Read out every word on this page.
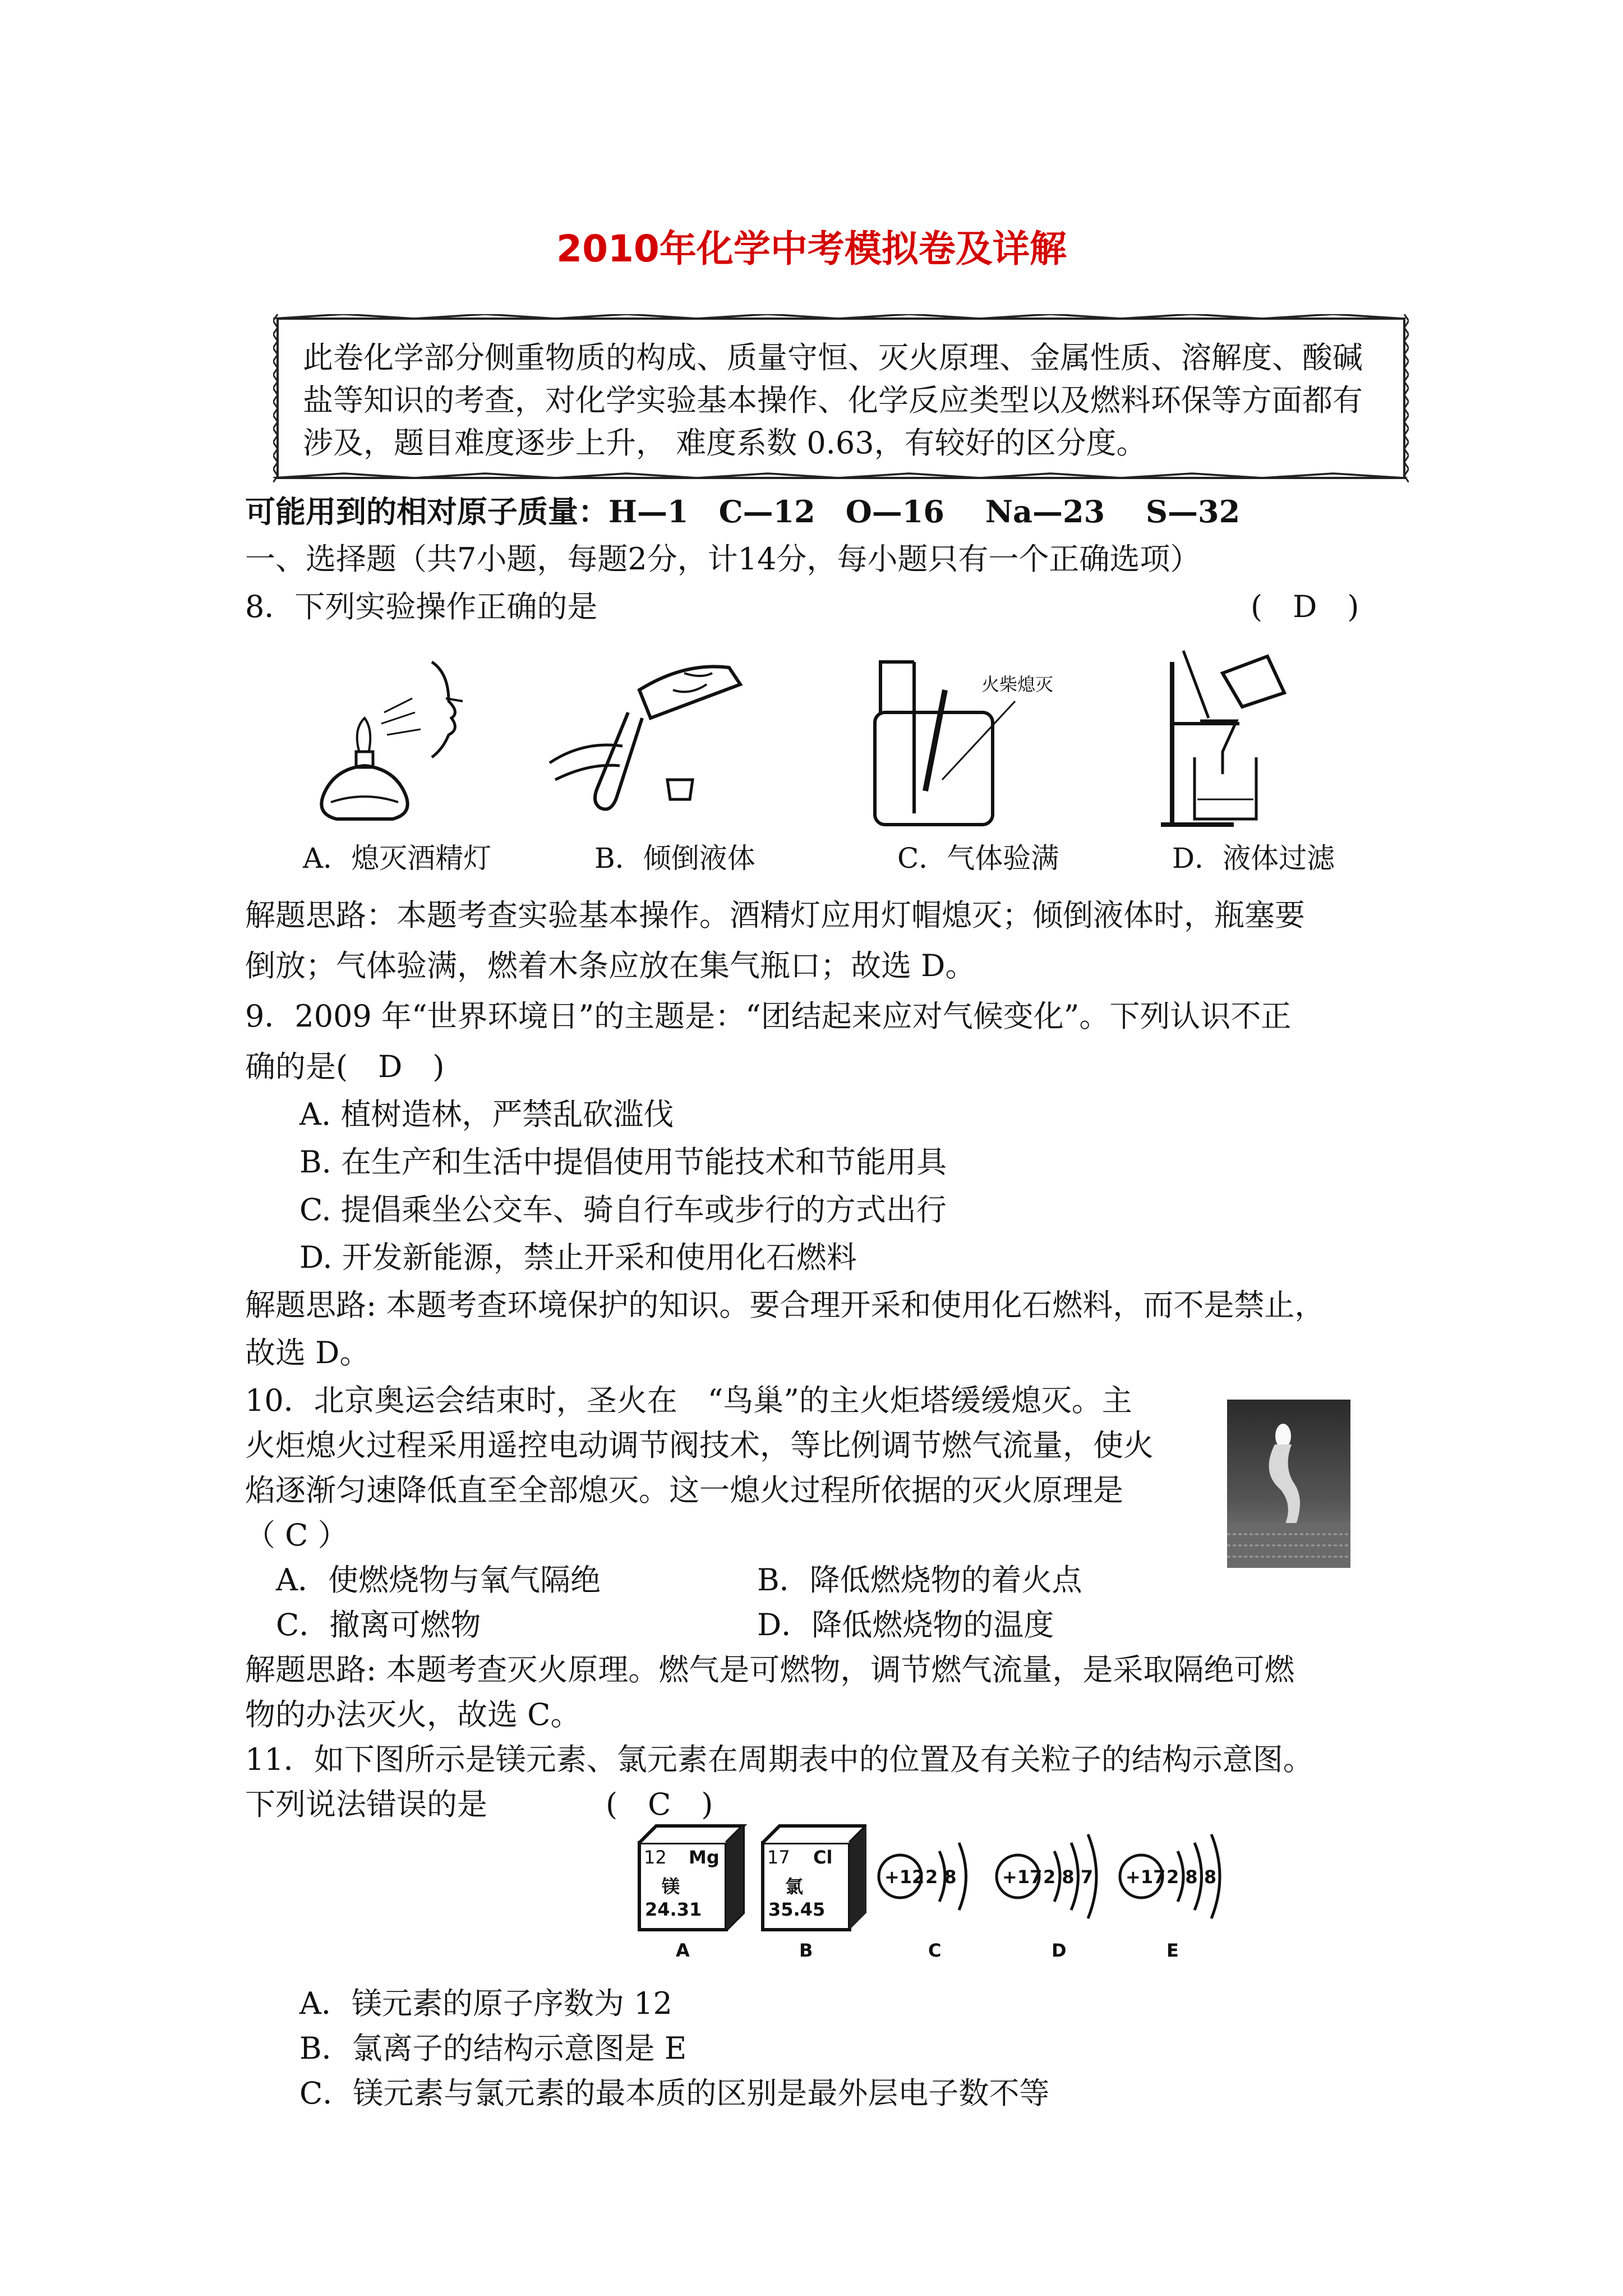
2010年化学中考模拟卷及详解
此卷化学部分侧重物质的构成、质量守恒、灭火原理、金属性质、溶解度、酸碱盐等知识的考查，对化学实验基本操作、化学反应类型以及燃料环保等方面都有涉及，题目难度逐步上升， 难度系数 0.63，有较好的区分度。
可能用到的相对原子质量：H—1　C—12　O—16　 Na—23　 S—32
一、选择题（共7小题，每题2分，计14分，每小题只有一个正确选项）
8．下列实验操作正确的是	(　D　)
火柴熄灭
A．熄灭酒精灯	B．倾倒液体	C．气体验满	D．液体过滤
解题思路：本题考查实验基本操作。酒精灯应用灯帽熄灭；倾倒液体时，瓶塞要
倒放；气体验满，燃着木条应放在集气瓶口；故选 D。
9．2009 年“世界环境日”的主题是：“团结起来应对气候变化”。下列认识不正
确的是(　D　)
A. 植树造林，严禁乱砍滥伐
B. 在生产和生活中提倡使用节能技术和节能用具
C. 提倡乘坐公交车、骑自行车或步行的方式出行
D. 开发新能源，禁止开采和使用化石燃料
解题思路: 本题考查环境保护的知识。要合理开采和使用化石燃料，而不是禁止，
故选 D。
10．北京奥运会结束时，圣火在　“鸟巢”的主火炬塔缓缓熄灭。主
火炬熄火过程采用遥控电动调节阀技术，等比例调节燃气流量，使火
焰逐渐匀速降低直至全部熄灭。这一熄火过程所依据的灭火原理是
（ C ）
A．使燃烧物与氧气隔绝	B．降低燃烧物的着火点
C．撤离可燃物	D．降低燃烧物的温度
解题思路: 本题考查灭火原理。燃气是可燃物，调节燃气流量，是采取隔绝可燃
物的办法灭火，故选 C。
11．如下图所示是镁元素、氯元素在周期表中的位置及有关粒子的结构示意图。
下列说法错误的是	(　C　)
12 Mg
镁
24.31
17 Cl
氯
35.45
+12 2 8	+17 2 8 7 +17 2 8 8
A	B	C	D	E
A．镁元素的原子序数为 12
B．氯离子的结构示意图是 E
C．镁元素与氯元素的最本质的区别是最外层电子数不等
